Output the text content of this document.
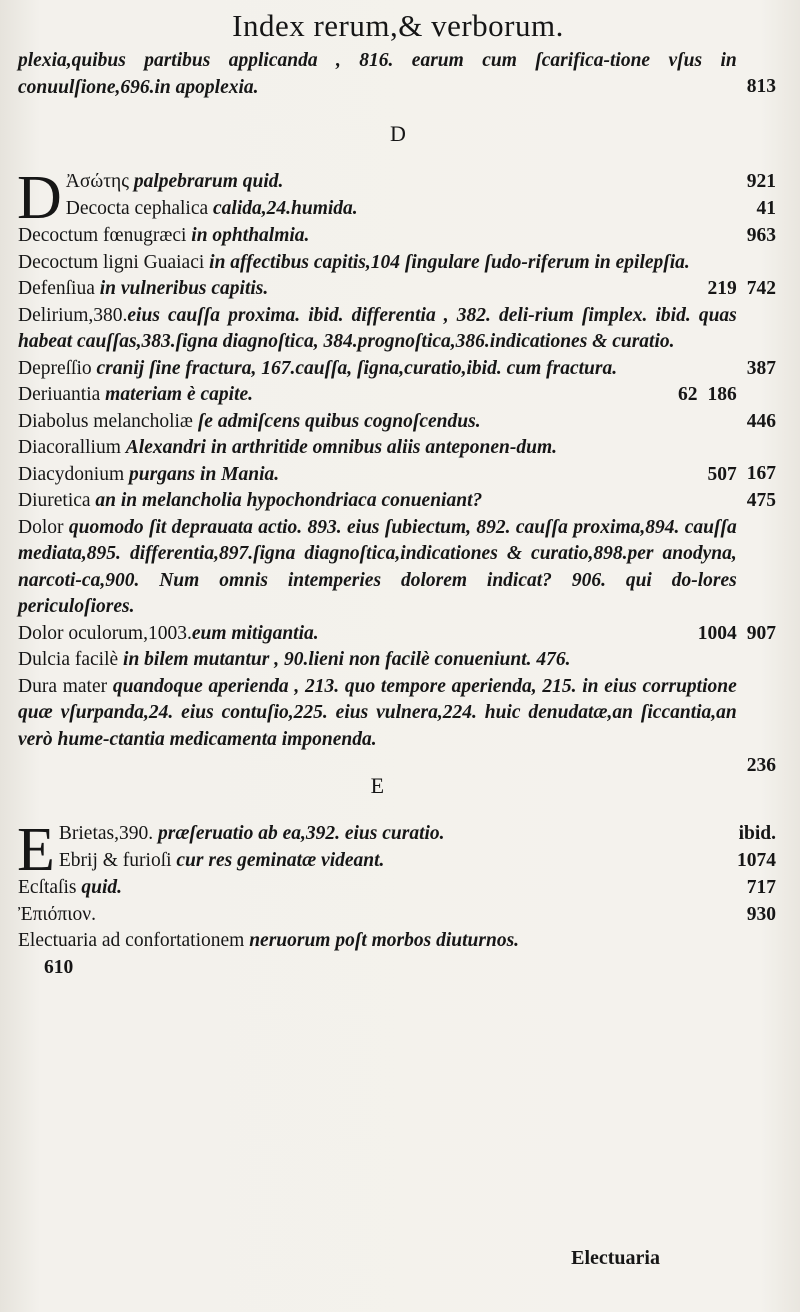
Index rerum,& verborum.
813
plexia,quibus partibus applicanda , 816. earum cum ſcarifica-tione vſus in conuulſione,696.in apoplexia.
D
D	921
Ἀσώτης palpebrarum quid.
41
Decocta cephalica calida,24.humida.
963
Decoctum fœnugræci in ophthalmia.
742
Decoctum ligni Guaiaci in affectibus capitis,104 ſingulare ſudo-riferum in epilepſia.
219
Defenſiua in vulneribus capitis.
387
Delirium,380.eius cauſſa proxima. ibid. differentia , 382. deli-rium ſimplex. ibid. quas habeat cauſſas,383.ſigna diagnoſtica, 384.prognoſtica,386.indicationes & curatio.
186
Depreſſio cranij ſine fractura, 167.cauſſa, ſigna,curatio,ibid. cum fractura.
62
Deriuantia materiam è capite.
446
Diabolus melancholiæ ſe admiſcens quibus cognoſcendus.
167
Diacorallium Alexandri in arthritide omnibus aliis anteponen-dum.
507
Diacydonium purgans in Mania.
475
Diuretica an in melancholia hypochondriaca conueniant?
907
Dolor quomodo ſit deprauata actio. 893. eius ſubiectum, 892. cauſſa proxima,894. cauſſa mediata,895. differentia,897.ſigna diagnoſtica,indicationes & curatio,898.per anodyna, narcoti-ca,900. Num omnis intemperies dolorem indicat? 906. qui do-lores periculoſiores.
1004
Dolor oculorum,1003.eum mitigantia.
Dulcia facilè in bilem mutantur , 90.lieni non facilè conueniunt. 476.
236
Dura mater quandoque aperienda , 213. quo tempore aperienda, 215. in eius corruptione quæ vſurpanda,24. eius contuſio,225. eius vulnera,224. huic denudatæ,an ſiccantia,an verò hume-ctantia medicamenta imponenda.
E
E	ibid.
Brietas,390. præſeruatio ab ea,392. eius curatio.
1074
Ebrij & furioſi cur res geminatæ videant.
717
Ecſtaſis quid.
930
Ἐπιόπιον.
Electuaria ad confortationem neruorum poſt morbos diuturnos.
610
Electuaria
